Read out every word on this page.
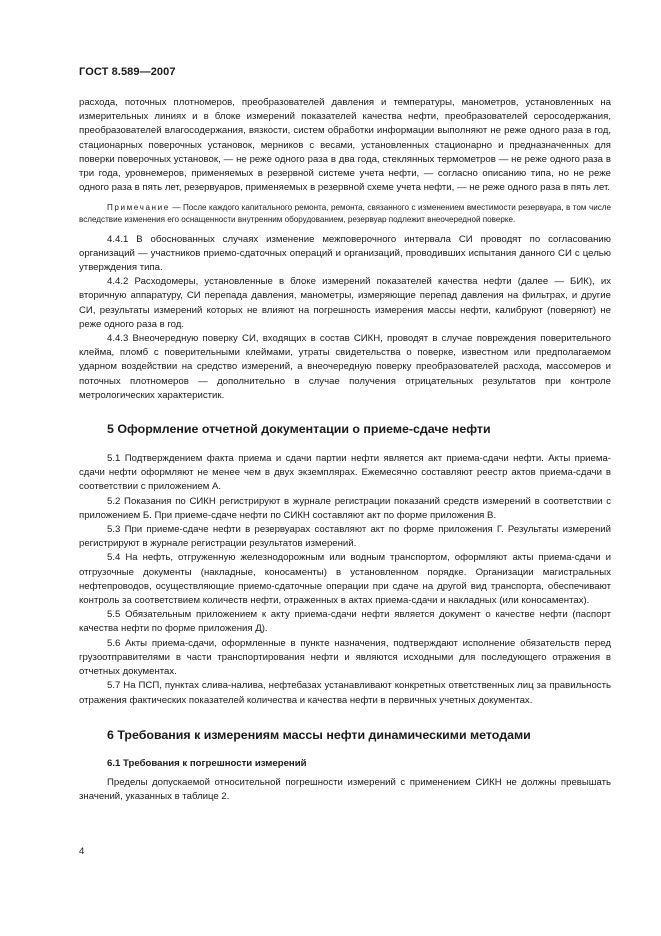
ГОСТ 8.589—2007

расхода, поточных плотномеров, преобразователей давления и температуры, манометров, установленных на измерительных линиях и в блоке измерений показателей качества нефти, преобразователей серосодержания, преобразователей влагосодержания, вязкости, систем обработки информации выполняют не реже одного раза в год, стационарных поверочных установок, мерников с весами, установленных стационарно и предназначенных для поверки поверочных установок, — не реже одного раза в два года, стеклянных термометров — не реже одного раза в три года, уровнемеров, применяемых в резервной системе учета нефти, — согласно описанию типа, но не реже одного раза в пять лет, резервуаров, применяемых в резервной схеме учета нефти, — не реже одного раза в пять лет.

Примечание — После каждого капитального ремонта, ремонта, связанного с изменением вместимости резервуара, в том числе вследствие изменения его оснащенности внутренним оборудованием, резервуар подлежит внеочередной поверке.

4.4.1 В обоснованных случаях изменение межповерочного интервала СИ проводят по согласованию организаций — участников приемо-сдаточных операций и организаций, проводивших испытания данного СИ с целью утверждения типа.

4.4.2 Расходомеры, установленные в блоке измерений показателей качества нефти (далее — БИК), их вторичную аппаратуру, СИ перепада давления, манометры, измеряющие перепад давления на фильтрах, и другие СИ, результаты измерений которых не влияют на погрешность измерения массы нефти, калибруют (поверяют) не реже одного раза в год.

4.4.3 Внеочередную поверку СИ, входящих в состав СИКН, проводят в случае повреждения поверительного клейма, пломб с поверительными клеймами, утраты свидетельства о поверке, известном или предполагаемом ударном воздействии на средство измерений, а внеочередную поверку преобразователей расхода, массомеров и поточных плотномеров — дополнительно в случае получения отрицательных результатов при контроле метрологических характеристик.

5 Оформление отчетной документации о приеме-сдаче нефти

5.1 Подтверждением факта приема и сдачи партии нефти является акт приема-сдачи нефти. Акты приема-сдачи нефти оформляют не менее чем в двух экземплярах. Ежемесячно составляют реестр актов приема-сдачи в соответствии с приложением А.

5.2 Показания по СИКН регистрируют в журнале регистрации показаний средств измерений в соответствии с приложением Б. При приеме-сдаче нефти по СИКН составляют акт по форме приложения В.

5.3 При приеме-сдаче нефти в резервуарах составляют акт по форме приложения Г. Результаты измерений регистрируют в журнале регистрации результатов измерений.

5.4 На нефть, отгруженную железнодорожным или водным транспортом, оформляют акты приема-сдачи и отгрузочные документы (накладные, коносаменты) в установленном порядке. Организации магистральных нефтепроводов, осуществляющие приемо-сдаточные операции при сдаче на другой вид транспорта, обеспечивают контроль за соответствием количеств нефти, отраженных в актах приема-сдачи и накладных (или коносаментах).

5.5 Обязательным приложением к акту приема-сдачи нефти является документ о качестве нефти (паспорт качества нефти по форме приложения Д).

5.6 Акты приема-сдачи, оформленные в пункте назначения, подтверждают исполнение обязательств перед грузоотправителями в части транспортирования нефти и являются исходными для последующего отражения в отчетных документах.

5.7 На ПСП, пунктах слива-налива, нефтебазах устанавливают конкретных ответственных лиц за правильность отражения фактических показателей количества и качества нефти в первичных учетных документах.

6 Требования к измерениям массы нефти динамическими методами
6.1 Требования к погрешности измерений

Пределы допускаемой относительной погрешности измерений с применением СИКН не должны превышать значений, указанных в таблице 2.

4
